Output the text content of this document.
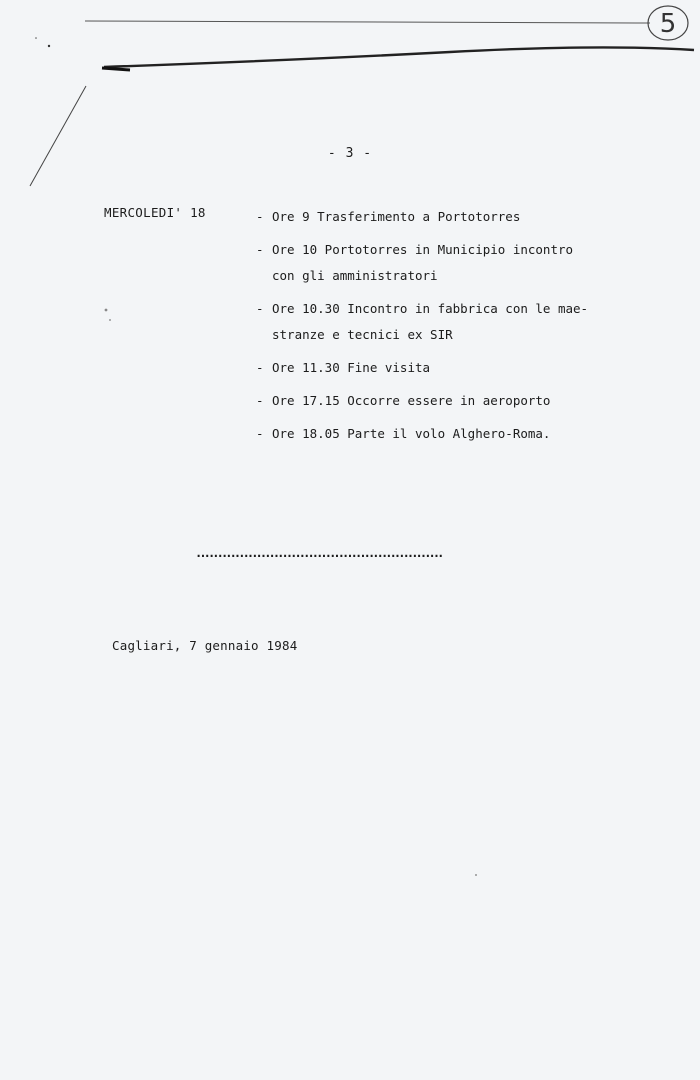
5
- 3 -
MERCOLEDI' 18	- Ore 9 Trasferimento a Portotorres
- Ore 10 Portotorres in Municipio incontro
con gli amministratori
- Ore 10.30 Incontro in fabbrica con le mae-
stranze e tecnici ex SIR
- Ore 11.30 Fine visita
- Ore 17.15 Occorre essere in aeroporto
- Ore 18.05 Parte il volo Alghero-Roma.
.........................................................
Cagliari, 7 gennaio 1984
